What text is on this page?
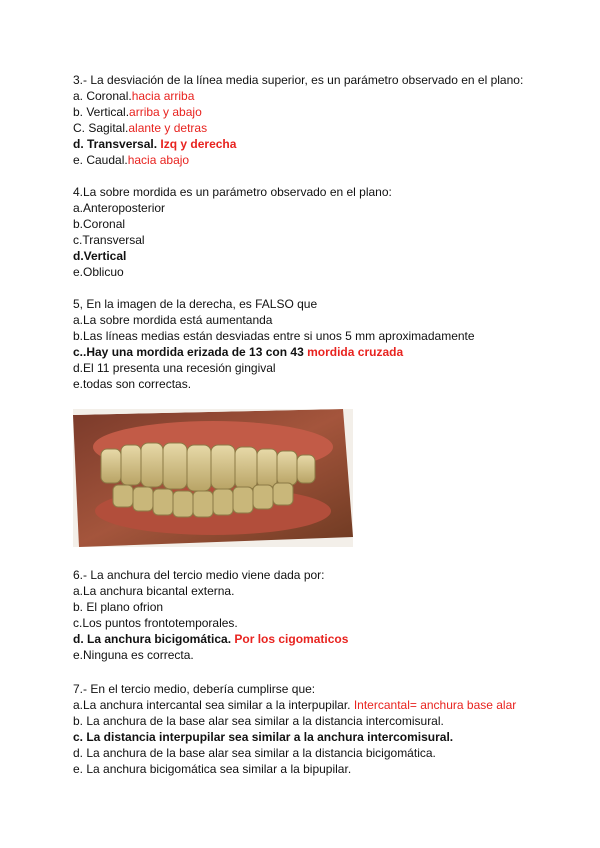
3.- La desviación de la línea media superior, es un parámetro observado en el plano:
a. Coronal.hacia arriba
b. Vertical.arriba y abajo
C. Sagital.alante y detras
d. Transversal. Izq y derecha
e. Caudal.hacia abajo
4.La sobre mordida es un parámetro observado en el plano:
a.Anteroposterior
b.Coronal
c.Transversal
d.Vertical
e.Oblicuo
5, En la imagen de la derecha, es FALSO que
a.La sobre mordida está aumentanda
b.Las líneas medias están desviadas entre si unos 5 mm aproximadamente
c..Hay una mordida erizada de 13 con 43 mordida cruzada
d.El 11 presenta una recesión gingival
e.todas son correctas.
6.- La anchura del tercio medio viene dada por:
a.La anchura bicantal externa.
b. El plano ofrion
c.Los puntos frontotemporales.
d. La anchura bicigomática. Por los cigomaticos
e.Ninguna es correcta.
7.- En el tercio medio, debería cumplirse que:
a.La anchura intercantal sea similar a la interpupilar. Intercantal= anchura base alar
b. La anchura de la base alar sea similar a la distancia intercomisural.
c. La distancia interpupilar sea similar a la anchura intercomisural.
d. La anchura de la base alar sea similar a la distancia bicigomática.
e. La anchura bicigomática sea similar a la bipupilar.
